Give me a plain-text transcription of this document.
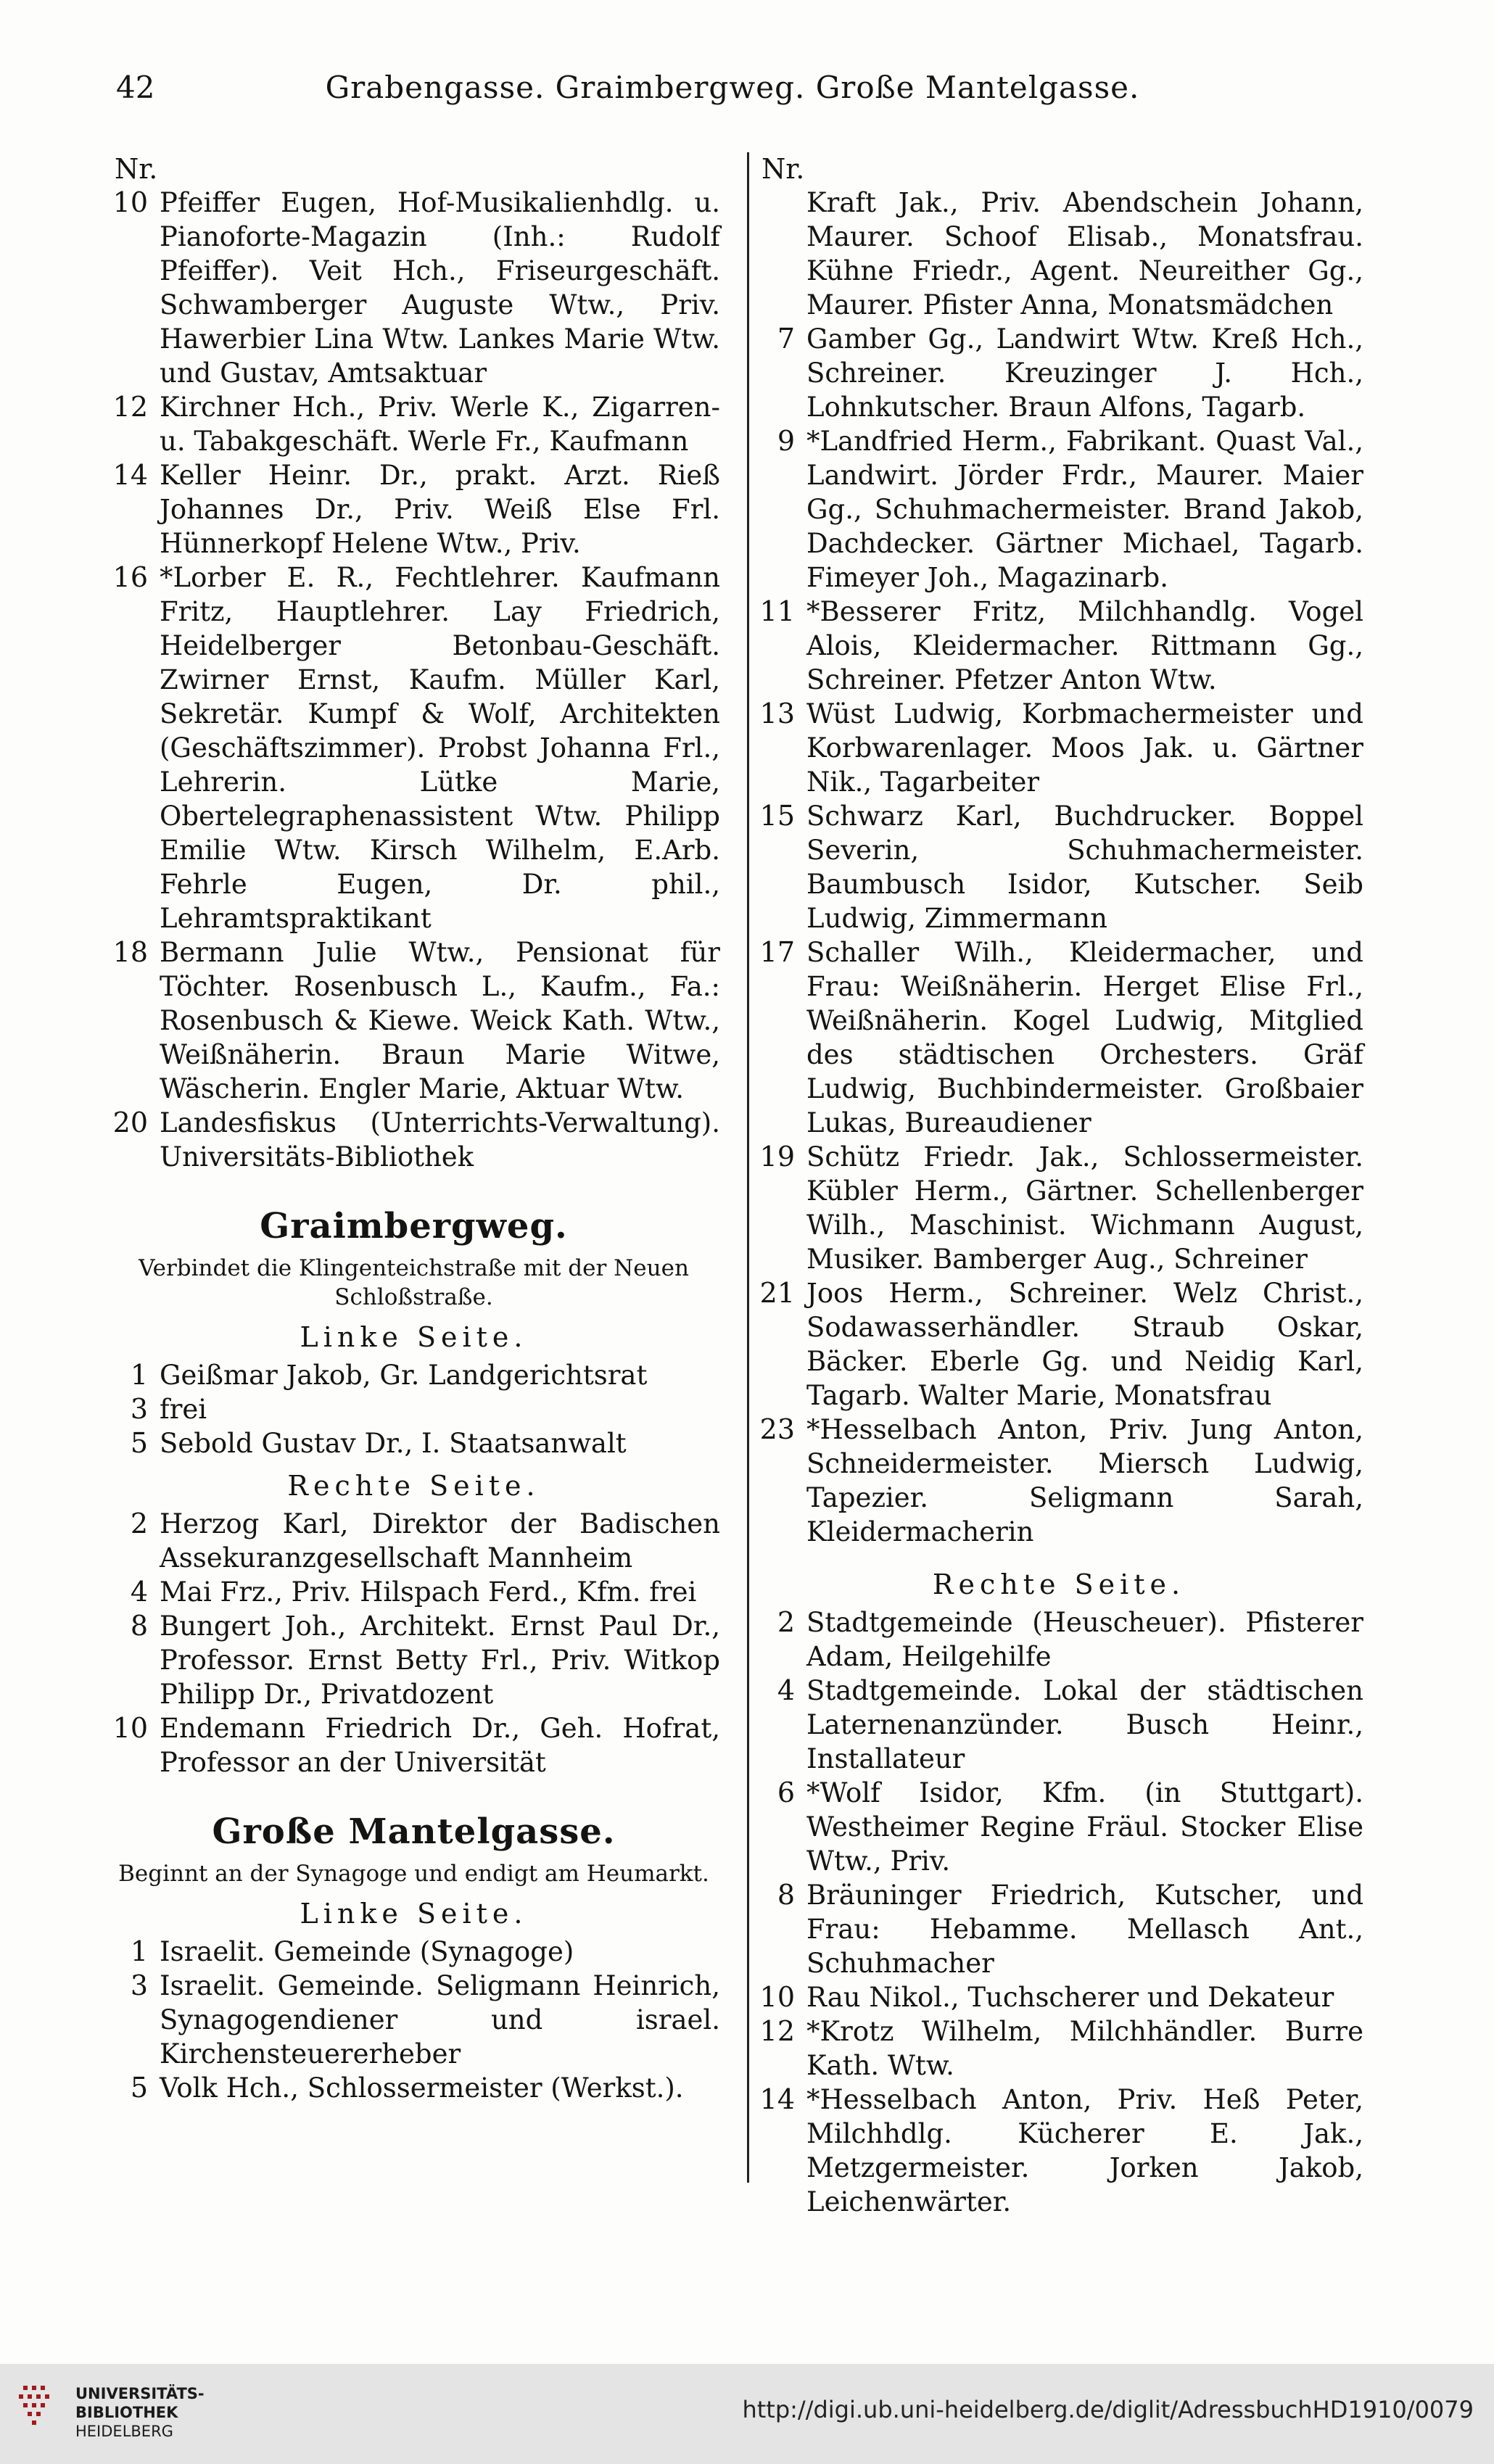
42	Grabengasse. Graimbergweg. Große Mantelgasse.
Nr.
10 Pfeiffer Eugen, Hof-Musikalienhdlg. u. Pianoforte-Magazin (Inh.: Rudolf Pfeiffer). Veit Hch., Friseurgeschäft. Schwamberger Auguste Wtw., Priv. Hawerbier Lina Wtw. Lankes Marie Wtw. und Gustav, Amtsaktuar
12 Kirchner Hch., Priv. Werle K., Zigarren- u. Tabakgeschäft. Werle Fr., Kaufmann
14 Keller Heinr. Dr., prakt. Arzt. Rieß Johannes Dr., Priv. Weiß Else Frl. Hünnerkopf Helene Wtw., Priv.
16 *Lorber E. R., Fechtlehrer. Kaufmann Fritz, Hauptlehrer. Lay Friedrich, Heidelberger Betonbau-Geschäft. Zwirner Ernst, Kaufm. Müller Karl, Sekretär. Kumpf & Wolf, Architekten (Geschäftszimmer). Probst Johanna Frl., Lehrerin. Lütke Marie, Obertelegraphenassistent Wtw. Philipp Emilie Wtw. Kirsch Wilhelm, E.Arb. Fehrle Eugen, Dr. phil., Lehramtspraktikant
18 Bermann Julie Wtw., Pensionat für Töchter. Rosenbusch L., Kaufm., Fa.: Rosenbusch & Kiewe. Weick Kath. Wtw., Weißnäherin. Braun Marie Witwe, Wäscherin. Engler Marie, Aktuar Wtw.
20 Landesfiskus (Unterrichts-Verwaltung). Universitäts-Bibliothek
Graimbergweg.
Verbindet die Klingenteichstraße mit der Neuen Schloßstraße.
Linke Seite.
1 Geißmar Jakob, Gr. Landgerichtsrat
3 frei
5 Sebold Gustav Dr., I. Staatsanwalt
Rechte Seite.
2 Herzog Karl, Direktor der Badischen Assekuranzgesellschaft Mannheim
4 Mai Frz., Priv. Hilspach Ferd., Kfm. frei
8 Bungert Joh., Architekt. Ernst Paul Dr., Professor. Ernst Betty Frl., Priv. Witkop Philipp Dr., Privatdozent
10 Endemann Friedrich Dr., Geh. Hofrat, Professor an der Universität
Große Mantelgasse.
Beginnt an der Synagoge und endigt am Heumarkt.
Linke Seite.
1 Israelit. Gemeinde (Synagoge)
3 Israelit. Gemeinde. Seligmann Heinrich, Synagogendiener und israel. Kirchensteuererheber
5 Volk Hch., Schlossermeister (Werkst.).
Nr.
Kraft Jak., Priv. Abendschein Johann, Maurer. Schoof Elisab., Monatsfrau. Kühne Friedr., Agent. Neureither Gg., Maurer. Pfister Anna, Monatsmädchen
7 Gamber Gg., Landwirt Wtw. Kreß Hch., Schreiner. Kreuzinger J. Hch., Lohnkutscher. Braun Alfons, Tagarb.
9 *Landfried Herm., Fabrikant. Quast Val., Landwirt. Jörder Frdr., Maurer. Maier Gg., Schuhmachermeister. Brand Jakob, Dachdecker. Gärtner Michael, Tagarb. Fimeyer Joh., Magazinarb.
11 *Besserer Fritz, Milchhandlg. Vogel Alois, Kleidermacher. Rittmann Gg., Schreiner. Pfetzer Anton Wtw.
13 Wüst Ludwig, Korbmachermeister und Korbwarenlager. Moos Jak. u. Gärtner Nik., Tagarbeiter
15 Schwarz Karl, Buchdrucker. Boppel Severin, Schuhmachermeister. Baumbusch Isidor, Kutscher. Seib Ludwig, Zimmermann
17 Schaller Wilh., Kleidermacher, und Frau: Weißnäherin. Herget Elise Frl., Weißnäherin. Kogel Ludwig, Mitglied des städtischen Orchesters. Gräf Ludwig, Buchbindermeister. Großbaier Lukas, Bureaudiener
19 Schütz Friedr. Jak., Schlossermeister. Kübler Herm., Gärtner. Schellenberger Wilh., Maschinist. Wichmann August, Musiker. Bamberger Aug., Schreiner
21 Joos Herm., Schreiner. Welz Christ., Sodawasserhändler. Straub Oskar, Bäcker. Eberle Gg. und Neidig Karl, Tagarb. Walter Marie, Monatsfrau
23 *Hesselbach Anton, Priv. Jung Anton, Schneidermeister. Miersch Ludwig, Tapezier. Seligmann Sarah, Kleidermacherin
Rechte Seite.
2 Stadtgemeinde (Heuscheuer). Pfisterer Adam, Heilgehilfe
4 Stadtgemeinde. Lokal der städtischen Laternenanzünder. Busch Heinr., Installateur
6 *Wolf Isidor, Kfm. (in Stuttgart). Westheimer Regine Fräul. Stocker Elise Wtw., Priv.
8 Bräuninger Friedrich, Kutscher, und Frau: Hebamme. Mellasch Ant., Schuhmacher
10 Rau Nikol., Tuchscherer und Dekateur
12 *Krotz Wilhelm, Milchhändler. Burre Kath. Wtw.
14 *Hesselbach Anton, Priv. Heß Peter, Milchhdlg. Kücherer E. Jak., Metzgermeister. Jorken Jakob, Leichenwärter.
UNIVERSITÄTS-
BIBLIOTHEK
HEIDELBERG
http://digi.ub.uni-heidelberg.de/diglit/AdressbuchHD1910/0079
